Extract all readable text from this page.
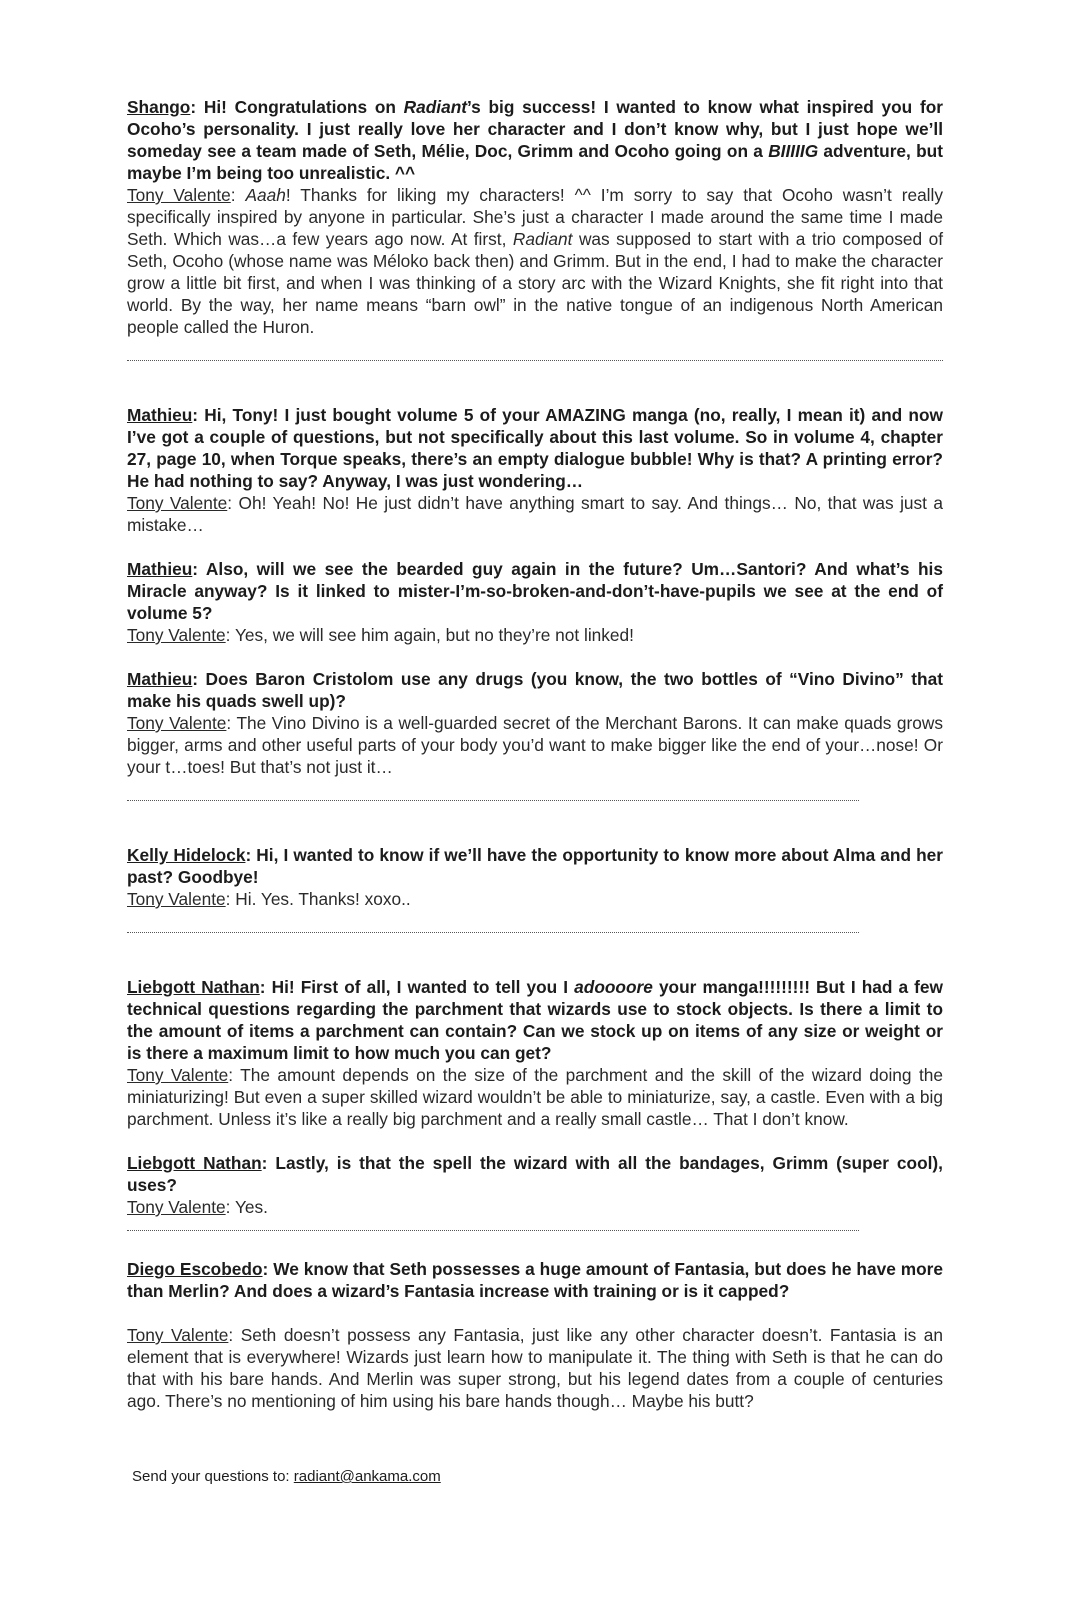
Shango: Hi! Congratulations on Radiant’s big success! I wanted to know what inspired you for Ocoho’s personality. I just really love her character and I don’t know why, but I just hope we’ll someday see a team made of Seth, Mélie, Doc, Grimm and Ocoho going on a BIIIIIG adventure, but maybe I’m being too unrealistic. ^^

Tony Valente: Aaah! Thanks for liking my characters! ^^ I’m sorry to say that Ocoho wasn’t really specifically inspired by anyone in particular. She’s just a character I made around the same time I made Seth. Which was…a few years ago now. At first, Radiant was supposed to start with a trio composed of Seth, Ocoho (whose name was Méloko back then) and Grimm. But in the end, I had to make the character grow a little bit first, and when I was thinking of a story arc with the Wizard Knights, she fit right into that world. By the way, her name means “barn owl” in the native tongue of an indigenous North American people called the Huron.

Mathieu: Hi, Tony! I just bought volume 5 of your AMAZING manga (no, really, I mean it) and now I’ve got a couple of questions, but not specifically about this last volume. So in volume 4, chapter 27, page 10, when Torque speaks, there’s an empty dialogue bubble! Why is that? A printing error? He had nothing to say? Anyway, I was just wondering…

Tony Valente: Oh! Yeah! No! He just didn’t have anything smart to say. And things… No, that was just a mistake…

Mathieu: Also, will we see the bearded guy again in the future? Um…Santori? And what’s his Miracle anyway? Is it linked to mister-I’m-so-broken-and-don’t-have-pupils we see at the end of volume 5?

Tony Valente: Yes, we will see him again, but no they’re not linked!

Mathieu: Does Baron Cristolom use any drugs (you know, the two bottles of “Vino Divino” that make his quads swell up)?

Tony Valente: The Vino Divino is a well-guarded secret of the Merchant Barons. It can make quads grows bigger, arms and other useful parts of your body you’d want to make bigger like the end of your…nose! Or your t…toes! But that’s not just it…

Kelly Hidelock: Hi, I wanted to know if we’ll have the opportunity to know more about Alma and her past? Goodbye!

Tony Valente: Hi. Yes. Thanks! xoxo..

Liebgott Nathan: Hi! First of all, I wanted to tell you I adoooore your manga!!!!!!!!! But I had a few technical questions regarding the parchment that wizards use to stock objects. Is there a limit to the amount of items a parchment can contain? Can we stock up on items of any size or weight or is there a maximum limit to how much you can get?

Tony Valente: The amount depends on the size of the parchment and the skill of the wizard doing the miniaturizing! But even a super skilled wizard wouldn’t be able to miniaturize, say, a castle. Even with a big parchment. Unless it’s like a really big parchment and a really small castle… That I don’t know.

Liebgott Nathan: Lastly, is that the spell the wizard with all the bandages, Grimm (super cool), uses?

Tony Valente: Yes.

Diego Escobedo: We know that Seth possesses a huge amount of Fantasia, but does he have more than Merlin? And does a wizard’s Fantasia increase with training or is it capped?

Tony Valente: Seth doesn’t possess any Fantasia, just like any other character doesn’t. Fantasia is an element that is everywhere! Wizards just learn how to manipulate it. The thing with Seth is that he can do that with his bare hands. And Merlin was super strong, but his legend dates from a couple of centuries ago. There’s no mentioning of him using his bare hands though… Maybe his butt?

Send your questions to: radiant@ankama.com
